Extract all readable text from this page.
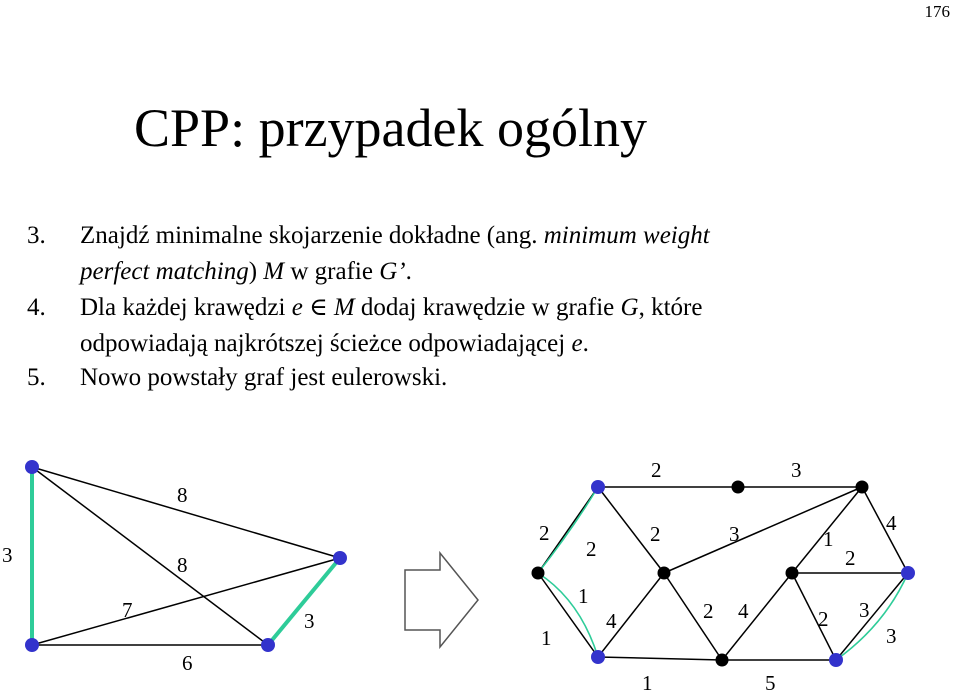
176
CPP: przypadek ogólny
3. Znajdź minimalne skojarzenie dokładne (ang. minimum weight
perfect matching) M w grafie G’.
4. Dla każdej krawędzi e ∈ M dodaj krawędzie w grafie G, które
odpowiadają najkrótszej ścieżce odpowiadającej e.
5. Nowo powstały graf jest eulerowski.
8
3	8
7	3
6
2	3
2
2
2	3	1
4
2
1
1
4	2 4	2 3
3
1	5
